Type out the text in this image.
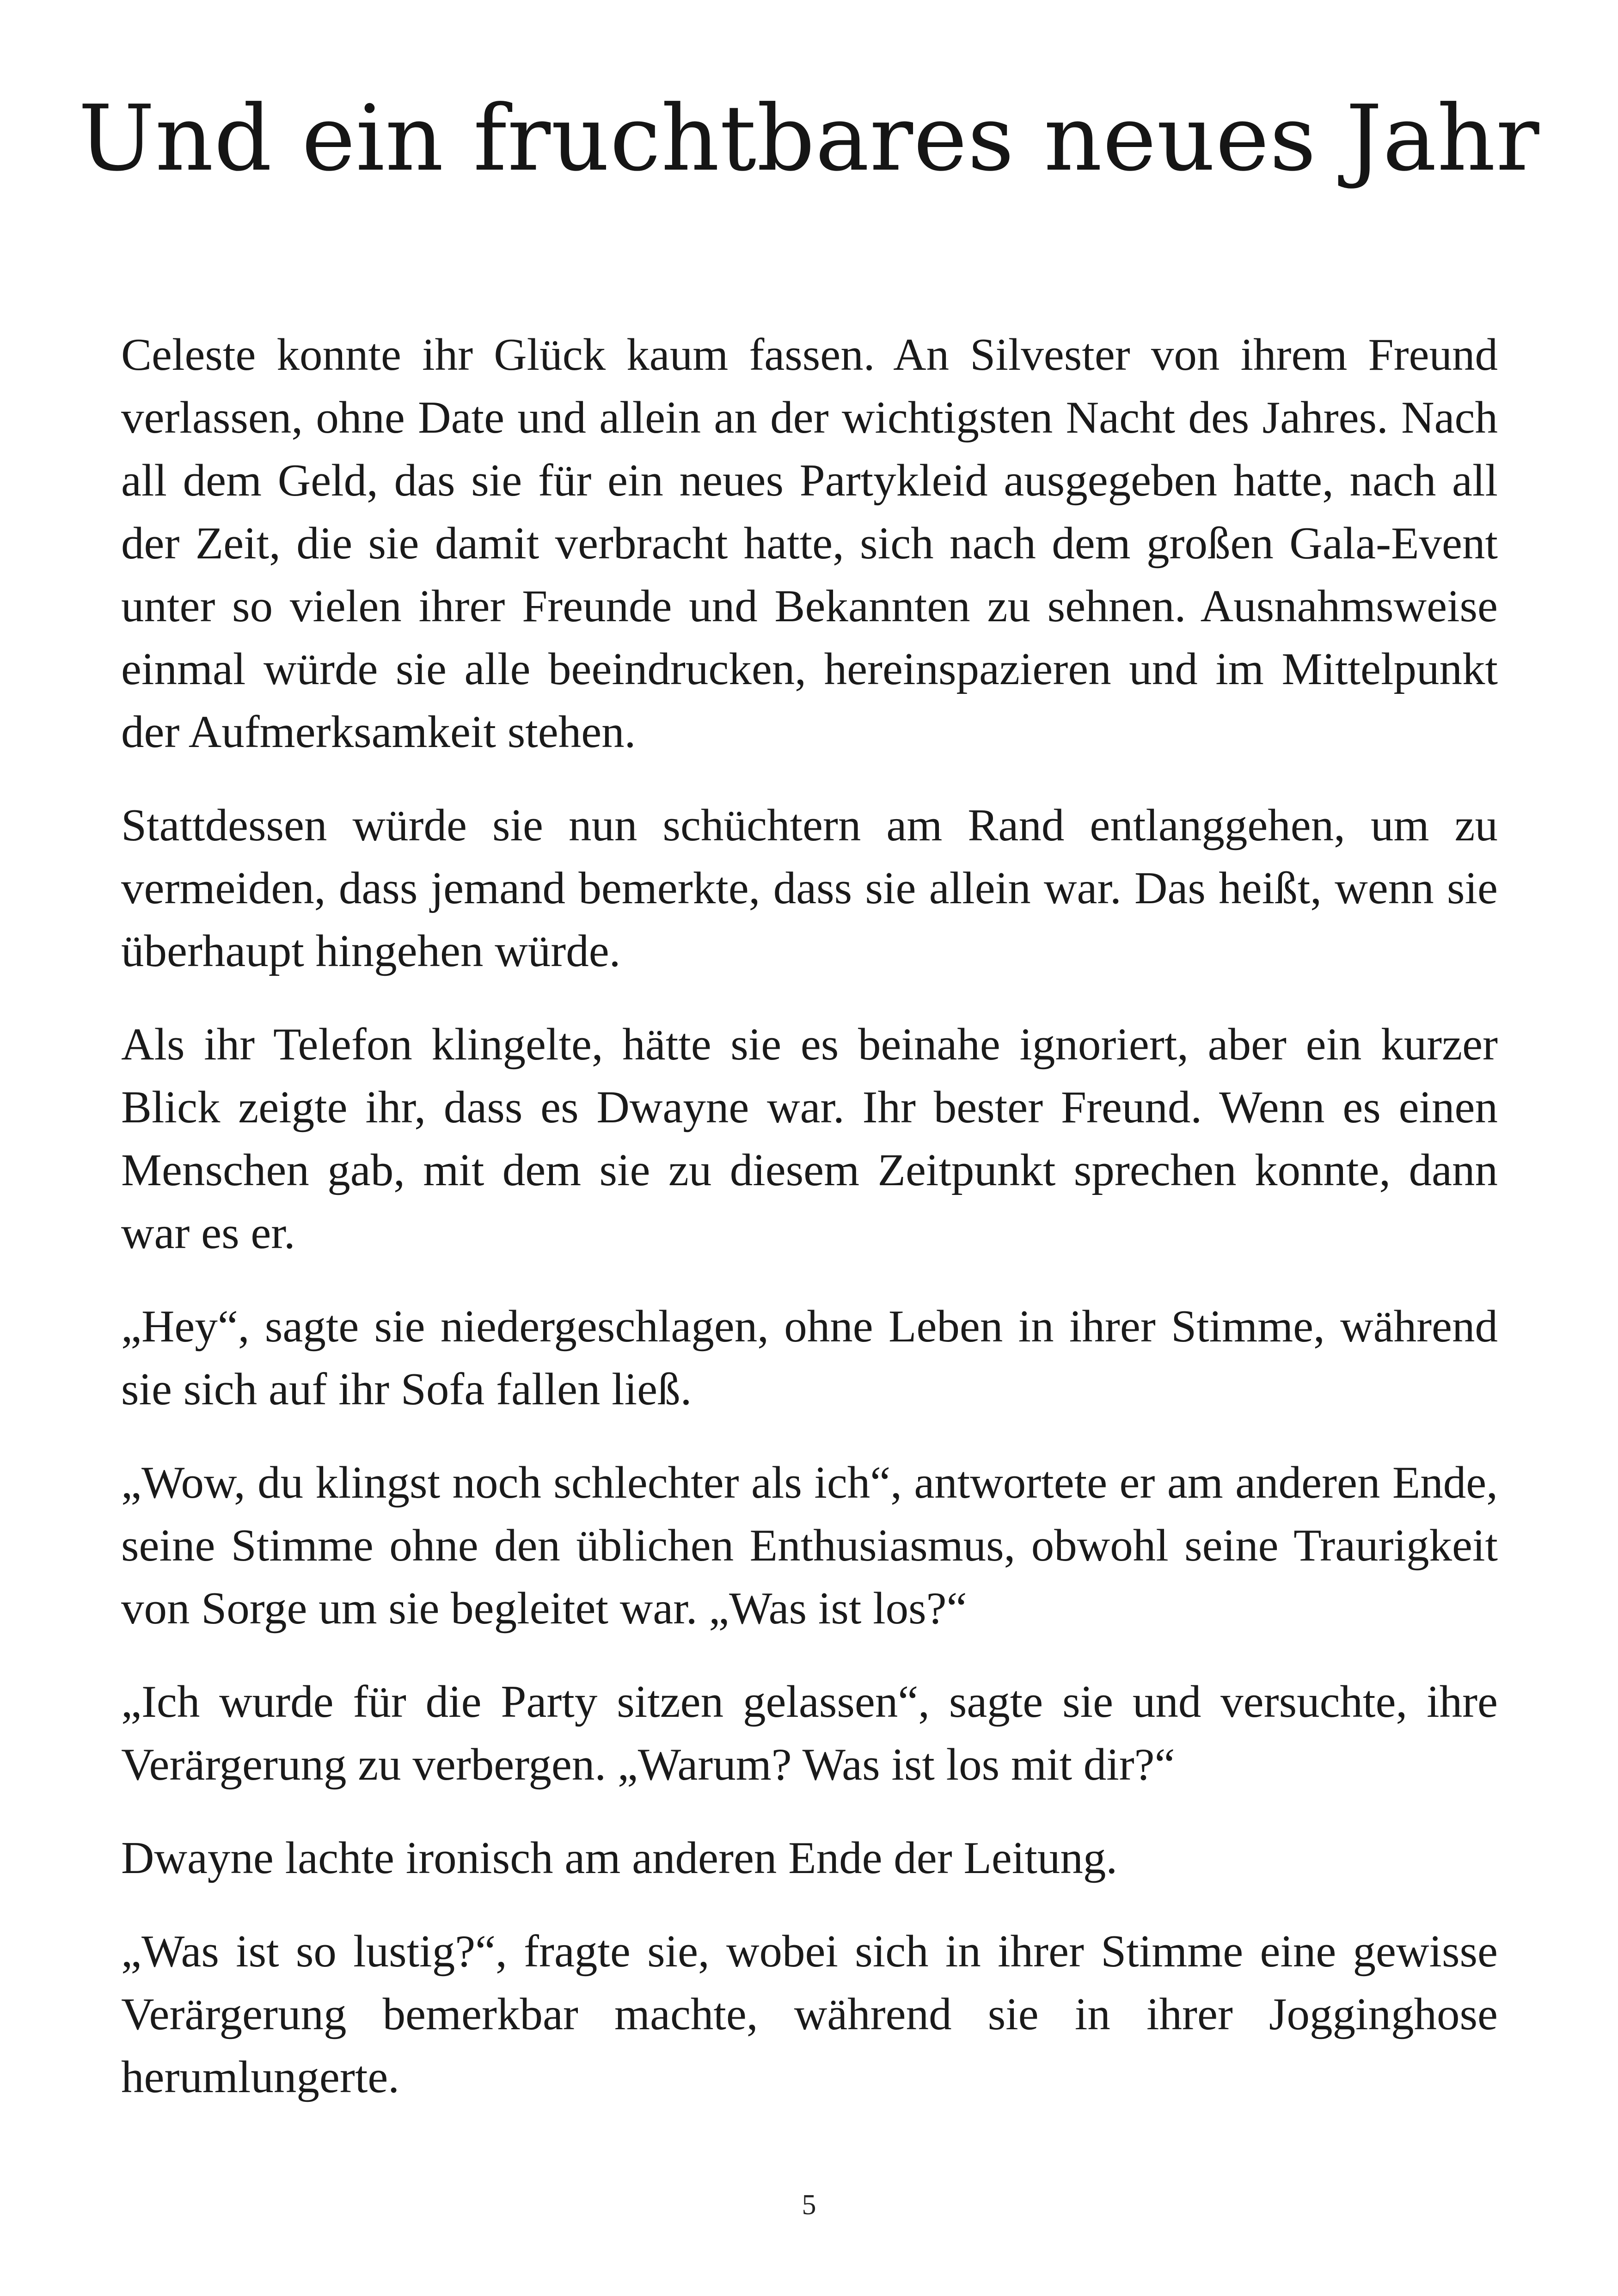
Und ein fruchtbares neues Jahr

Celeste konnte ihr Glück kaum fassen. An Silvester von ihrem Freund verlassen, ohne Date und allein an der wichtigsten Nacht des Jahres. Nach all dem Geld, das sie für ein neues Partykleid ausgegeben hatte, nach all der Zeit, die sie damit verbracht hatte, sich nach dem großen Gala-Event unter so vielen ihrer Freunde und Bekannten zu sehnen. Ausnahmsweise einmal würde sie alle beeindrucken, hereinspazieren und im Mittelpunkt der Aufmerksamkeit stehen.

Stattdessen würde sie nun schüchtern am Rand entlanggehen, um zu vermeiden, dass jemand bemerkte, dass sie allein war. Das heißt, wenn sie überhaupt hingehen würde.

Als ihr Telefon klingelte, hätte sie es beinahe ignoriert, aber ein kurzer Blick zeigte ihr, dass es Dwayne war. Ihr bester Freund. Wenn es einen Menschen gab, mit dem sie zu diesem Zeitpunkt sprechen konnte, dann war es er.

„Hey“, sagte sie niedergeschlagen, ohne Leben in ihrer Stimme, während sie sich auf ihr Sofa fallen ließ.

„Wow, du klingst noch schlechter als ich“, antwortete er am anderen Ende, seine Stimme ohne den üblichen Enthusiasmus, obwohl seine Traurigkeit von Sorge um sie begleitet war. „Was ist los?“

„Ich wurde für die Party sitzen gelassen“, sagte sie und versuchte, ihre Verärgerung zu verbergen. „Warum? Was ist los mit dir?“

Dwayne lachte ironisch am anderen Ende der Leitung.

„Was ist so lustig?“, fragte sie, wobei sich in ihrer Stimme eine gewisse Verärgerung bemerkbar machte, während sie in ihrer Jogginghose herumlungerte.

5
